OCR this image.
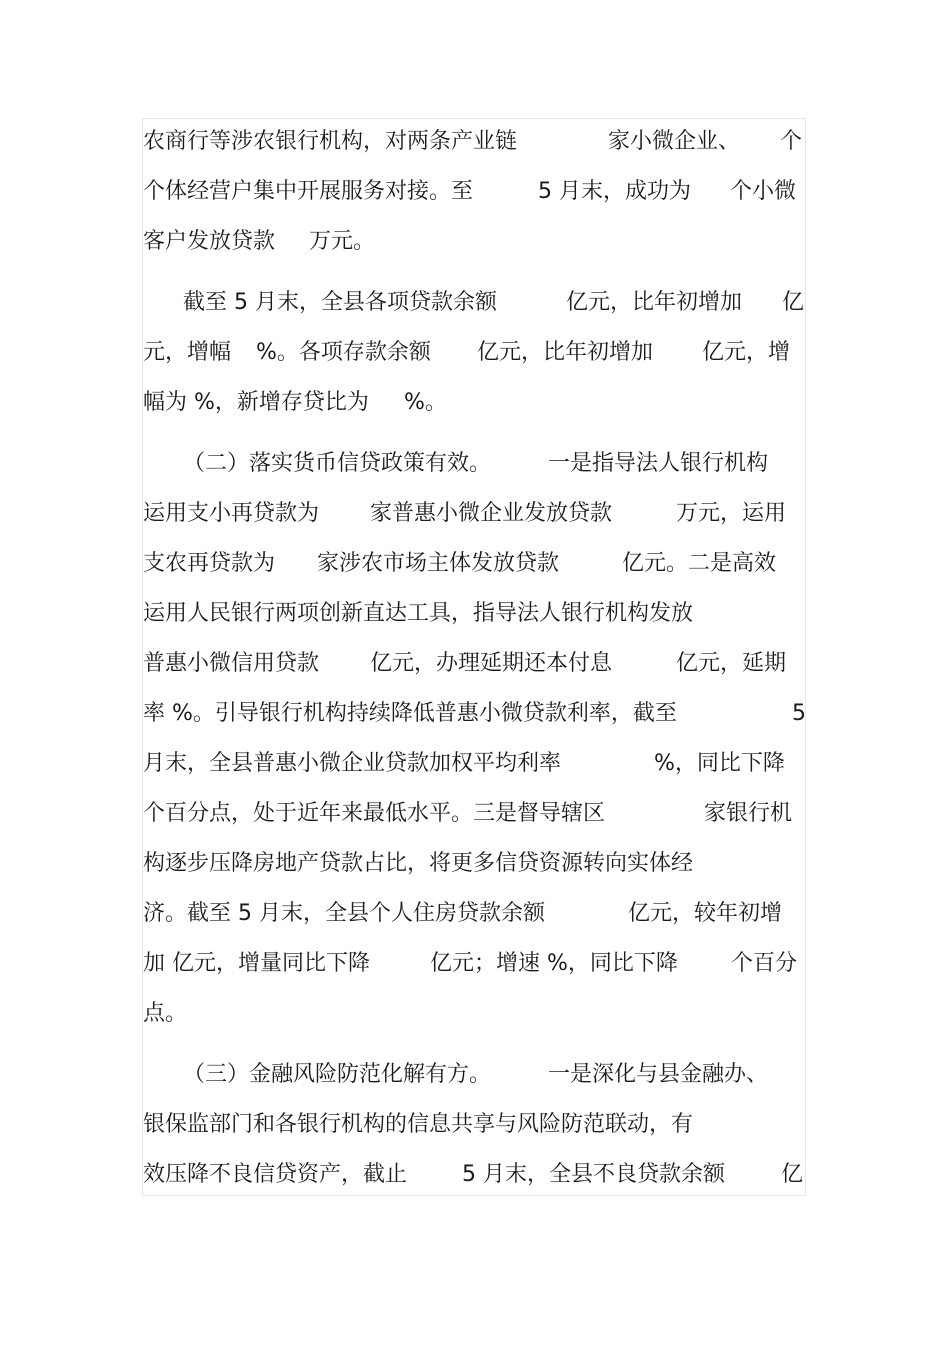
农商行等涉农银行机构，对两条产业链	家小微企业、 个
个体经营户集中开展服务对接。至	5 月末，成功为 个小微
客户发放贷款 万元。
截至 5 月末，全县各项贷款余额	亿元，比年初增加 亿
元，增幅 %。各项存款余额 亿元，比年初增加 亿元，增
幅为 %，新增存贷比为 %。
（二）落实货币信贷政策有效。	一是指导法人银行机构
运用支小再贷款为 家普惠小微企业发放贷款	万元，运用
支农再贷款为 家涉农市场主体发放贷款	亿元。二是高效
运用人民银行两项创新直达工具，指导法人银行机构发放
普惠小微信用贷款 亿元，办理延期还本付息	亿元，延期
率 %。引导银行机构持续降低普惠小微贷款利率，截至	5
月末，全县普惠小微企业贷款加权平均利率	%，同比下降
个百分点，处于近年来最低水平。三是督导辖区	家银行机
构逐步压降房地产贷款占比，将更多信贷资源转向实体经
济。截至 5 月末，全县个人住房贷款余额	亿元，较年初增
加 亿元，增量同比下降	亿元；增速 %，同比下降 个百分
点。
（三）金融风险防范化解有方。	一是深化与县金融办、
银保监部门和各银行机构的信息共享与风险防范联动，有
效压降不良信贷资产，截止 5 月末，全县不良贷款余额	亿
